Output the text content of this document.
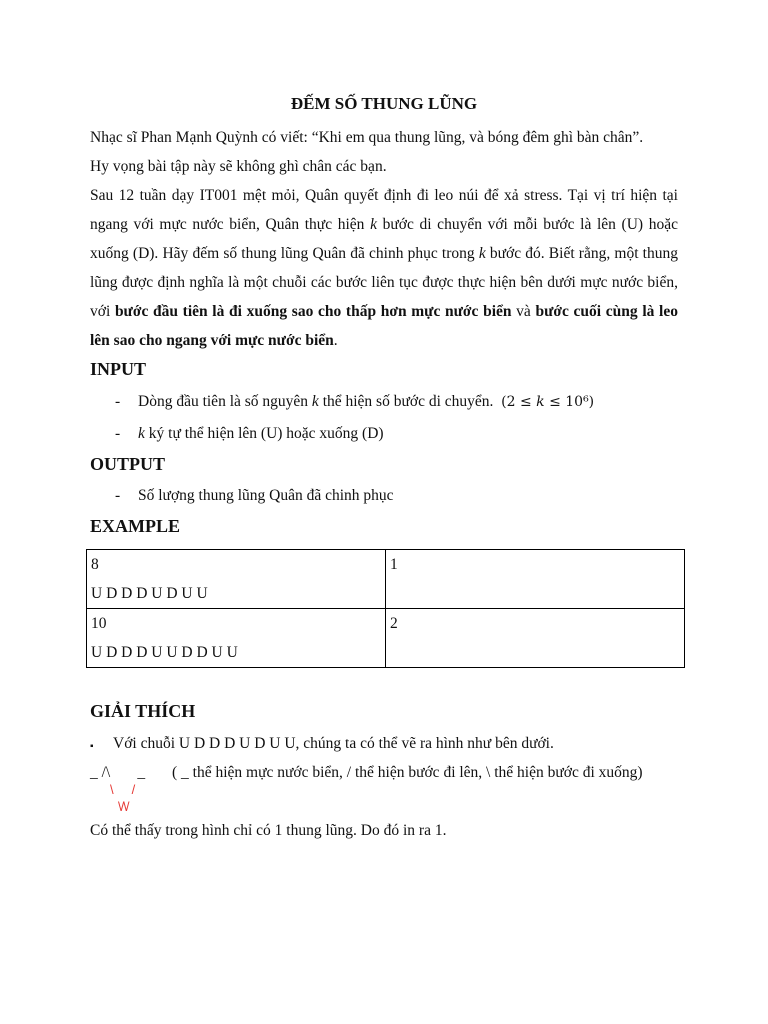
ĐẾM SỐ THUNG LŨNG
Nhạc sĩ Phan Mạnh Quỳnh có viết: “Khi em qua thung lũng, và bóng đêm ghì bàn chân”.
Hy vọng bài tập này sẽ không ghì chân các bạn.
Sau 12 tuần dạy IT001 mệt mỏi, Quân quyết định đi leo núi để xả stress. Tại vị trí hiện tại ngang với mực nước biển, Quân thực hiện k bước di chuyển với mỗi bước là lên (U) hoặc xuống (D). Hãy đếm số thung lũng Quân đã chinh phục trong k bước đó. Biết rằng, một thung lũng được định nghĩa là một chuỗi các bước liên tục được thực hiện bên dưới mực nước biển, với bước đầu tiên là đi xuống sao cho thấp hơn mực nước biển và bước cuối cùng là leo lên sao cho ngang với mực nước biển.
INPUT
- Dòng đầu tiên là số nguyên k thể hiện số bước di chuyển. (2 ≤ 𝑘 ≤ 10⁶)
- k ký tự thể hiện lên (U) hoặc xuống (D)
OUTPUT
- Số lượng thung lũng Quân đã chinh phục
EXAMPLE
8
U D D D U D U U	1

10
U D D D U U D D U U	2
GIẢI THÍCH
▪ Với chuỗi U D D D U D U U, chúng ta có thể vẽ ra hình như bên dưới.
_ /\       _ ( _ thể hiện mực nước biển, / thể hiện bước đi lên, \ thể hiện bước đi xuống)
\     /
\/\/
Có thể thấy trong hình chỉ có 1 thung lũng. Do đó in ra 1.
